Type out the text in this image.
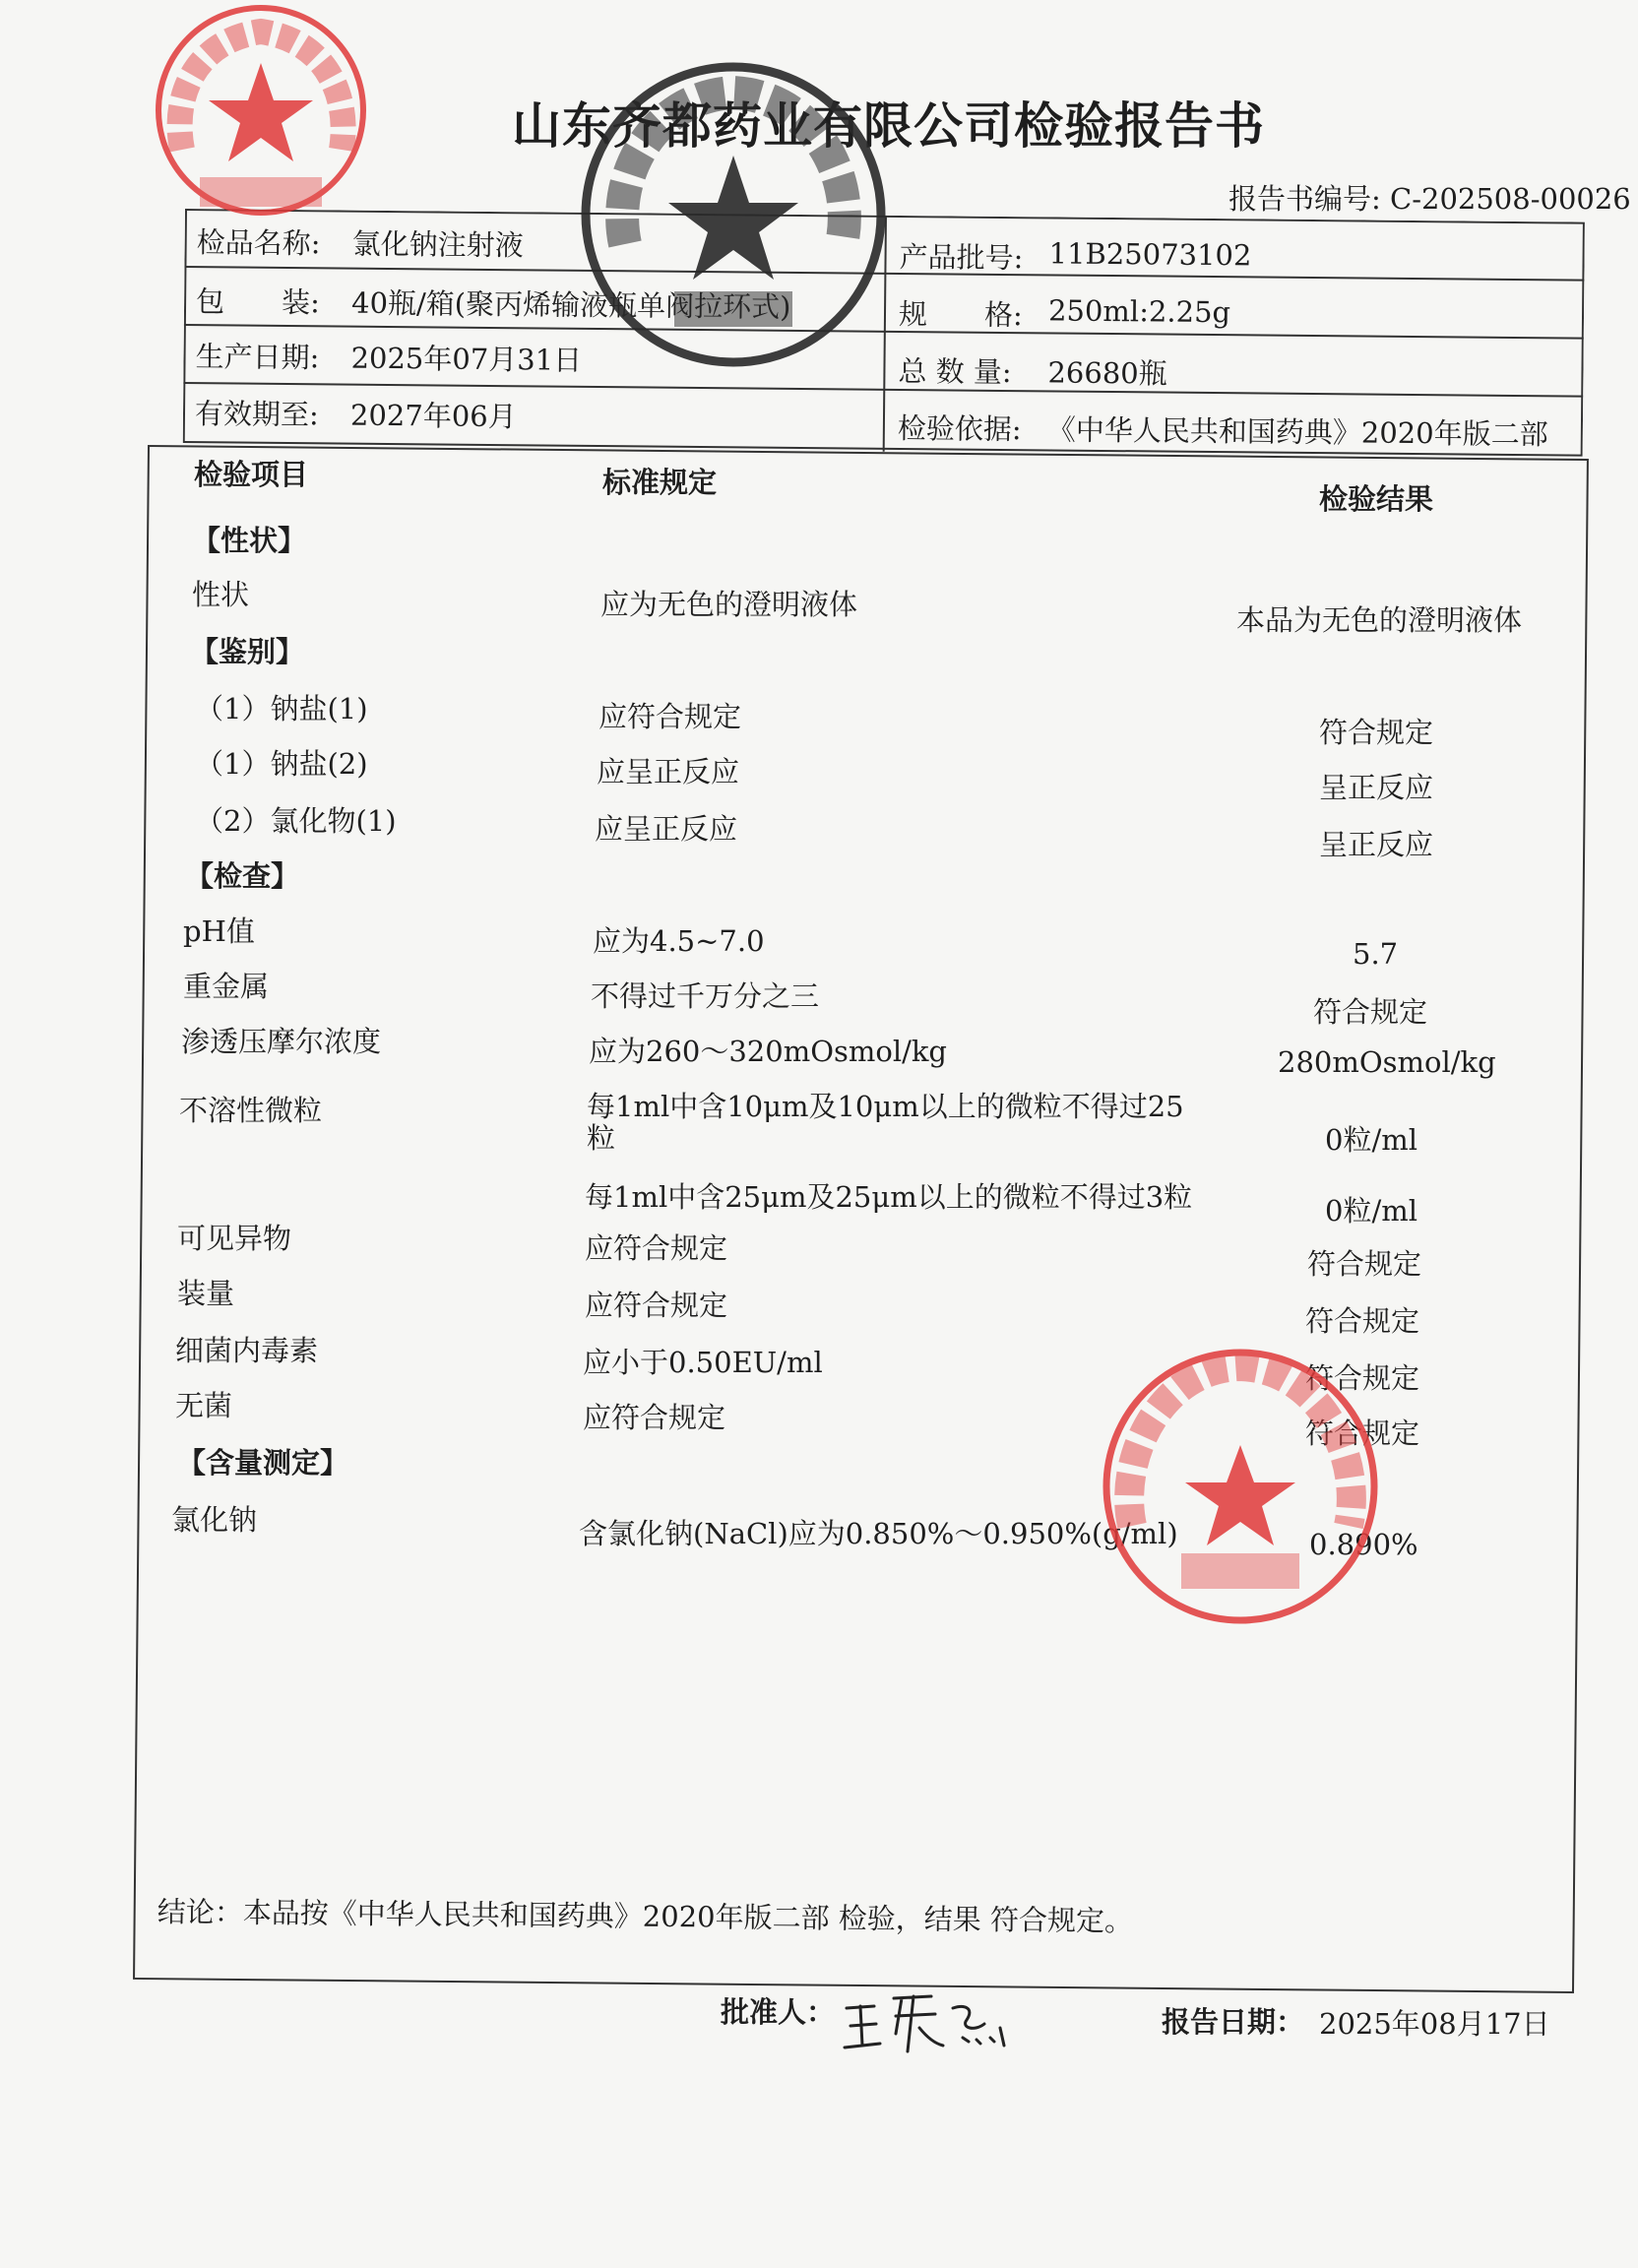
山东齐都药业有限公司检验报告书
报告书编号: C-202508-00026
检品名称: 氯化钠注射液	产品批号: 11B25073102
包　　装: 40瓶/箱(聚丙烯输液瓶单阀拉环式)	规　　格: 250ml:2.25g
生产日期: 2025年07月31日	总 数 量: 26680瓶
有效期至: 2027年06月	检验依据: 《中华人民共和国药典》2020年版二部
检验项目	标准规定	检验结果
【性状】
性状	应为无色的澄明液体	本品为无色的澄明液体
【鉴别】
（1）钠盐(1)	应符合规定	符合规定
（1）钠盐(2)	应呈正反应	呈正反应
（2）氯化物(1)	应呈正反应	呈正反应
【检查】
pH值	应为4.5~7.0	5.7
重金属	不得过千万分之三	符合规定
渗透压摩尔浓度	应为260～320mOsmol/kg	280mOsmol/kg
不溶性微粒	每1ml中含10μm及10μm以上的微粒不得过25
粒	0粒/ml
每1ml中含25μm及25μm以上的微粒不得过3粒	0粒/ml
可见异物	应符合规定	符合规定
装量	应符合规定	符合规定
细菌内毒素	应小于0.50EU/ml	符合规定
无菌	应符合规定	符合规定
【含量测定】
氯化钠	含氯化钠(NaCl)应为0.850%～0.950%(g/ml)	0.890%
结论：本品按《中华人民共和国药典》2020年版二部 检验，结果 符合规定。
批准人：	报告日期： 2025年08月17日
